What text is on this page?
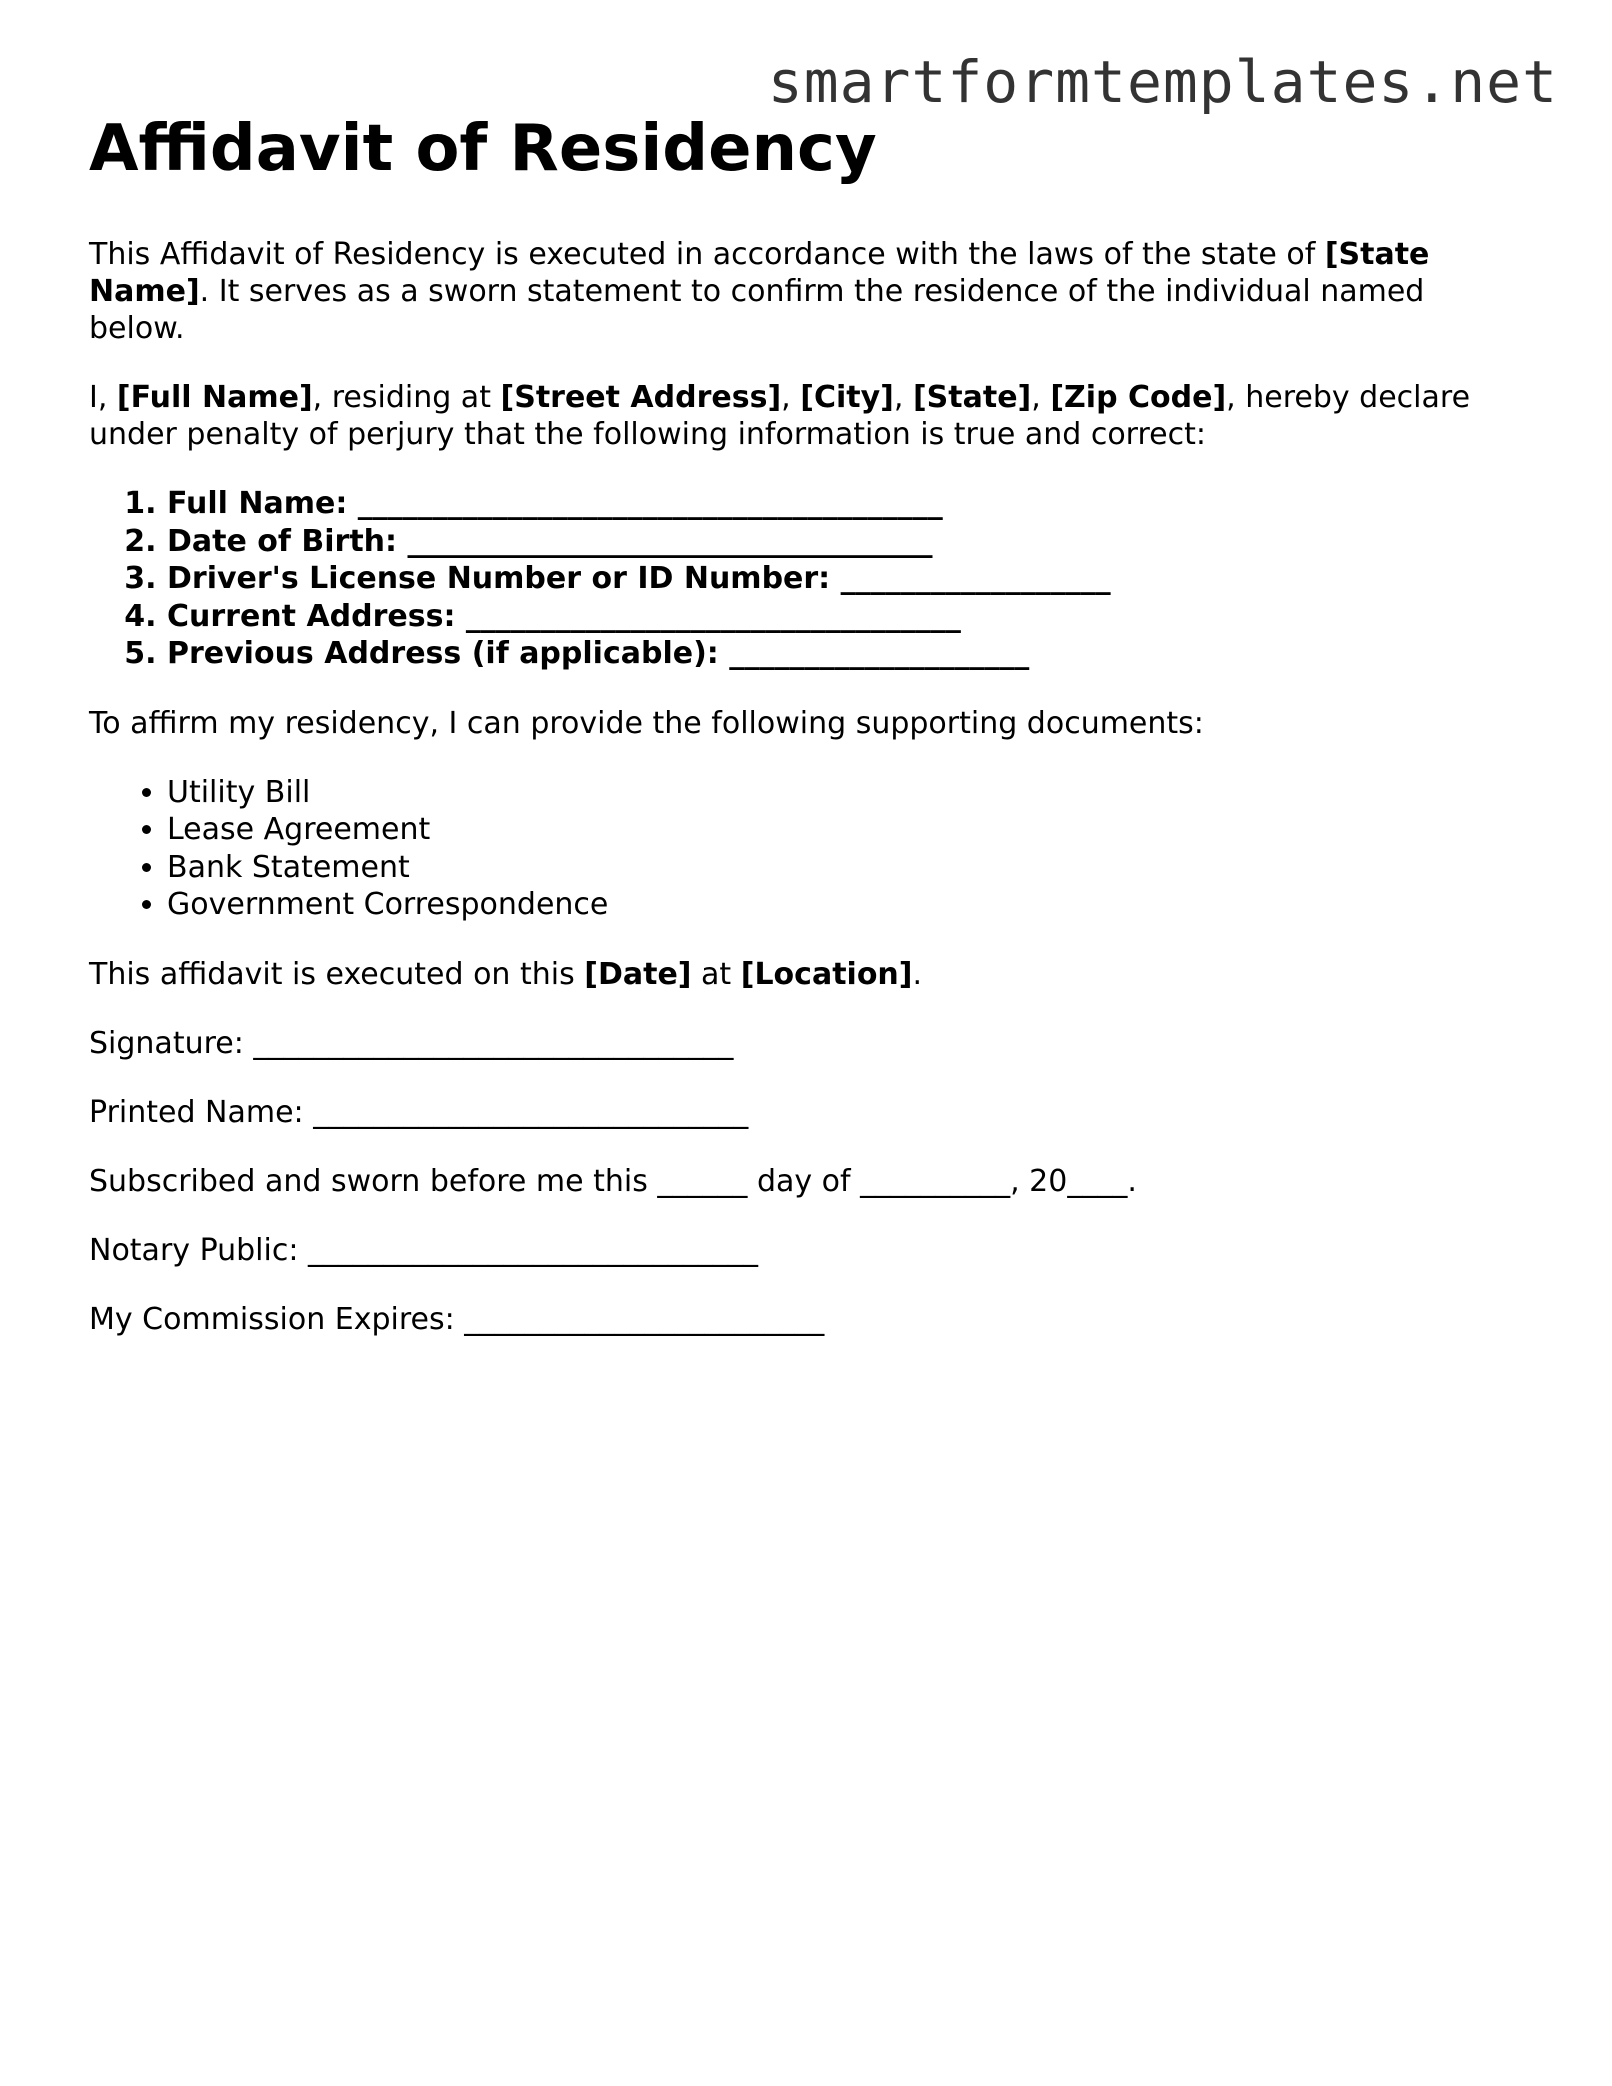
smartformtemplates.net
Affidavit of Residency

This Affidavit of Residency is executed in accordance with the laws of the state of [State Name]. It serves as a sworn statement to confirm the residence of the individual named below.

I, [Full Name], residing at [Street Address], [City], [State], [Zip Code], hereby declare under penalty of perjury that the following information is true and correct:

1. Full Name: _______________________________________
2. Date of Birth: ___________________________________
3. Driver's License Number or ID Number: __________________
4. Current Address: _________________________________
5. Previous Address (if applicable): ____________________

To affirm my residency, I can provide the following supporting documents:

• Utility Bill
• Lease Agreement
• Bank Statement
• Government Correspondence

This affidavit is executed on this [Date] at [Location].

Signature: ________________________________

Printed Name: _____________________________

Subscribed and sworn before me this ______ day of __________, 20____.

Notary Public: ______________________________

My Commission Expires: ________________________
